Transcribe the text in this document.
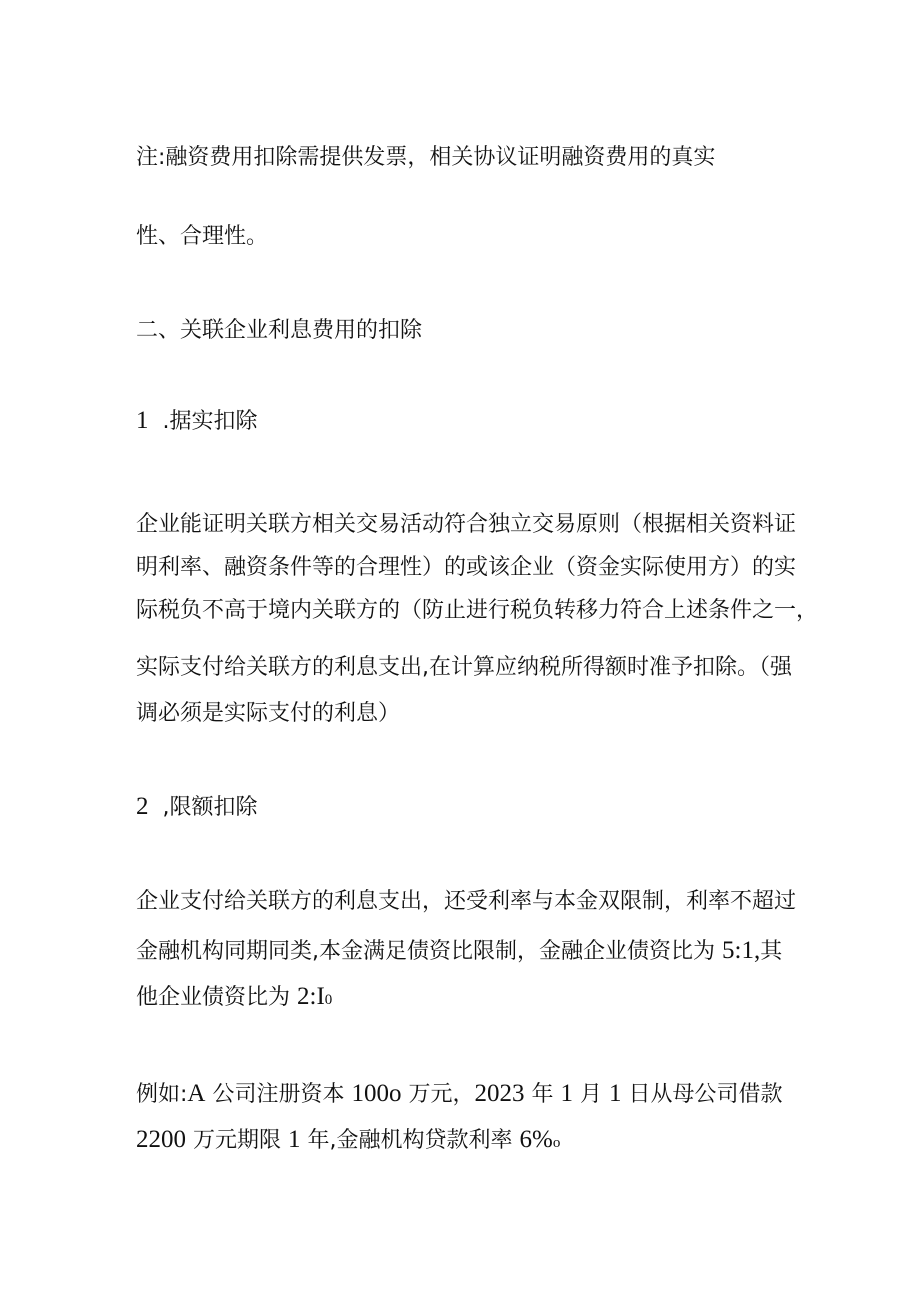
注:融资费用扣除需提供发票，相关协议证明融资费用的真实
性、合理性。
二、关联企业利息费用的扣除
1 .据实扣除
企业能证明关联方相关交易活动符合独立交易原则（根据相关资料证
明利率、融资条件等的合理性）的或该企业（资金实际使用方）的实
际税负不高于境内关联方的（防止进行税负转移力符合上述条件之一，
实际支付给关联方的利息支出,在计算应纳税所得额时准予扣除。（强
调必须是实际支付的利息）
2 ,限额扣除
企业支付给关联方的利息支出，还受利率与本金双限制，利率不超过
金融机构同期同类,本金满足债资比限制，金融企业债资比为 5:1,其
他企业债资比为 2:I0
例如:A 公司注册资本 100o 万元，2023 年 1 月 1 日从母公司借款
2200 万元期限 1 年,金融机构贷款利率 6%o
